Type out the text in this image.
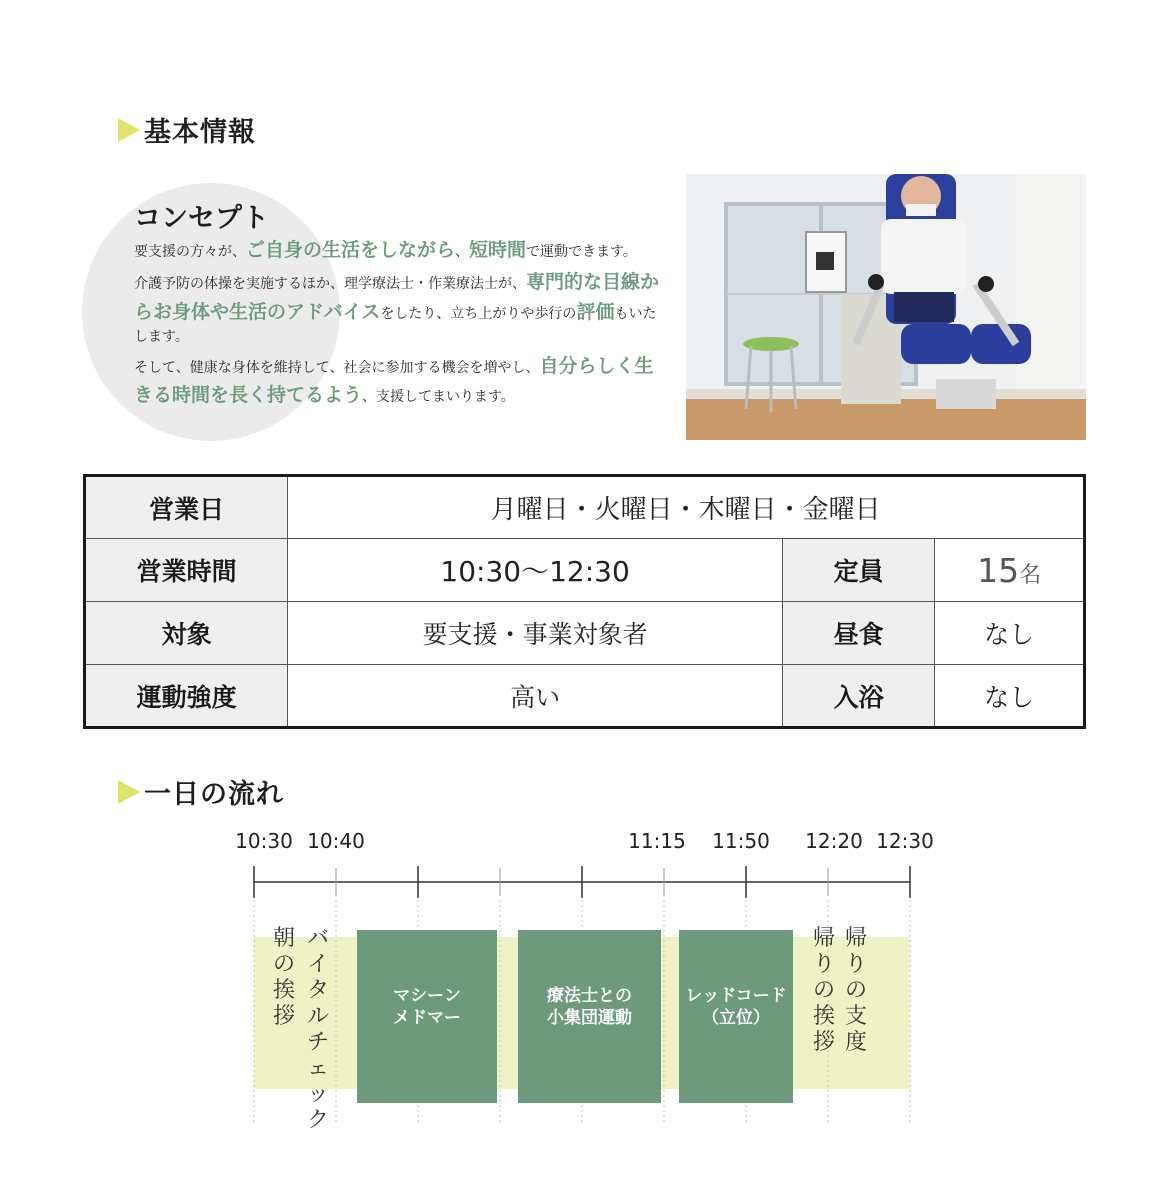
基本情報
コンセプト

要支援の方々が、ご自身の生活をしながら、短時間で運動できます。

介護予防の体操を実施するほか、理学療法士・作業療法士が、専門的な目線からお身体や生活のアドバイスをしたり、立ち上がりや歩行の評価もいたします。

そして、健康な身体を維持して、社会に参加する機会を増やし、自分らしく生きる時間を長く持てるよう、支援してまいります。

営業日	月曜日・火曜日・木曜日・金曜日		
営業時間	10:30〜12:30	定員	15名
対象	要支援・事業対象者	昼食	なし
運動強度	高い	入浴	なし
一日の流れ
10:30 10:40	11:15 11:50 12:20 12:30
マシーン
メドマー
療法士との
小集団運動
レッドコード
（立位）
朝
の
挨
拶
バ
イ
タ
ル
チ
ェ
ッ
ク
帰
り
の
挨
拶
帰
り
の
支
度
